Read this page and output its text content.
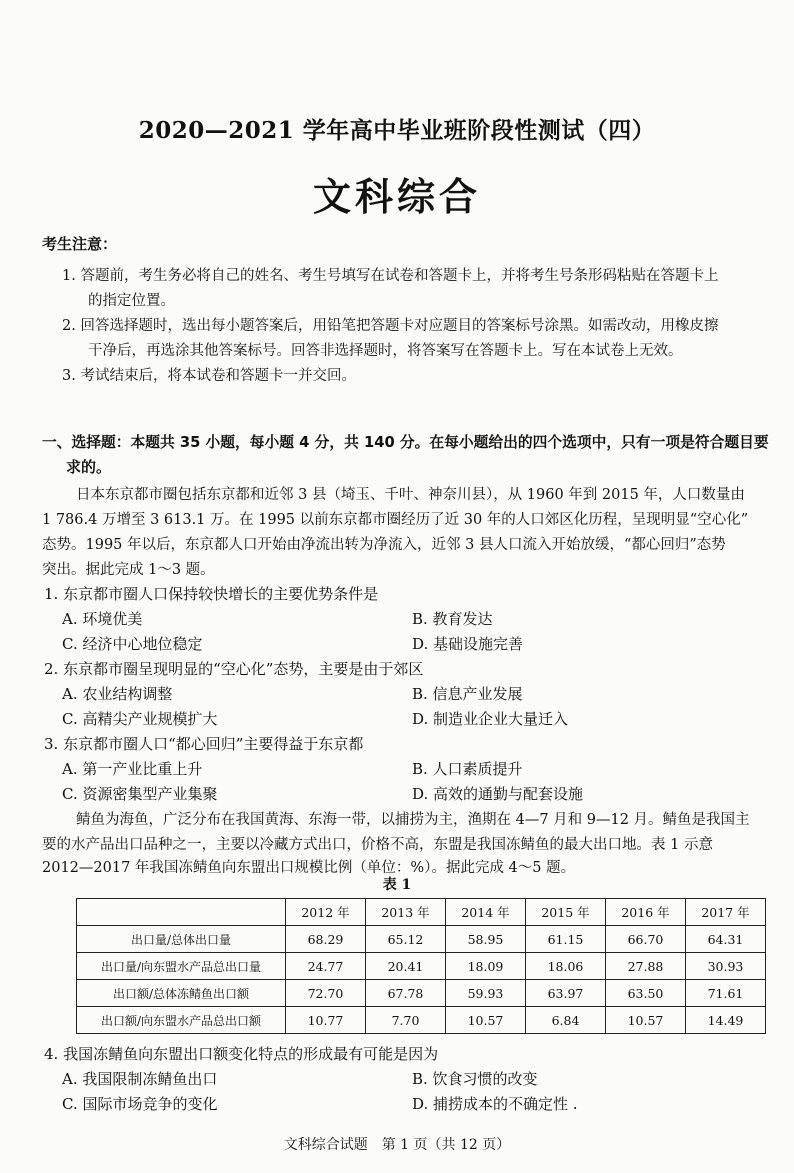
2020—2021 学年高中毕业班阶段性测试（四）
文科综合
考生注意：
1. 答题前，考生务必将自己的姓名、考生号填写在试卷和答题卡上，并将考生号条形码粘贴在答题卡上
的指定位置。
2. 回答选择题时，选出每小题答案后，用铅笔把答题卡对应题目的答案标号涂黑。如需改动，用橡皮擦
干净后，再选涂其他答案标号。回答非选择题时，将答案写在答题卡上。写在本试卷上无效。
3. 考试结束后，将本试卷和答题卡一并交回。
一、选择题：本题共 35 小题，每小题 4 分，共 140 分。在每小题给出的四个选项中，只有一项是符合题目要
求的。
日本东京都市圈包括东京都和近邻 3 县（埼玉、千叶、神奈川县），从 1960 年到 2015 年，人口数量由
1 786.4 万增至 3 613.1 万。在 1995 以前东京都市圈经历了近 30 年的人口郊区化历程，呈现明显“空心化”
态势。1995 年以后，东京都人口开始由净流出转为净流入，近邻 3 县人口流入开始放缓，“都心回归”态势
突出。据此完成 1～3 题。
1. 东京都市圈人口保持较快增长的主要优势条件是
A. 环境优美	B. 教育发达
C. 经济中心地位稳定	D. 基础设施完善
2. 东京都市圈呈现明显的“空心化”态势，主要是由于郊区
A. 农业结构调整	B. 信息产业发展
C. 高精尖产业规模扩大	D. 制造业企业大量迁入
3. 东京都市圈人口“都心回归”主要得益于东京都
A. 第一产业比重上升	B. 人口素质提升
C. 资源密集型产业集聚	D. 高效的通勤与配套设施
鲭鱼为海鱼，广泛分布在我国黄海、东海一带，以捕捞为主，渔期在 4—7 月和 9—12 月。鲭鱼是我国主
要的水产品出口品种之一，主要以冷藏方式出口，价格不高，东盟是我国冻鲭鱼的最大出口地。表 1 示意
2012—2017 年我国冻鲭鱼向东盟出口规模比例（单位：%）。据此完成 4～5 题。
表 1
	2012 年	2013 年	2014 年	2015 年	2016 年	2017 年
出口量/总体出口量	68.29	65.12	58.95	61.15	66.70	64.31
出口量/向东盟水产品总出口量	24.77	20.41	18.09	18.06	27.88	30.93
出口额/总体冻鲭鱼出口额	72.70	67.78	59.93	63.97	63.50	71.61
出口额/向东盟水产品总出口额	10.77	7.70	10.57	6.84	10.57	14.49
4. 我国冻鲭鱼向东盟出口额变化特点的形成最有可能是因为
A. 我国限制冻鲭鱼出口	B. 饮食习惯的改变
C. 国际市场竞争的变化	D. 捕捞成本的不确定性 .
文科综合试题　第 1 页（共 12 页）
